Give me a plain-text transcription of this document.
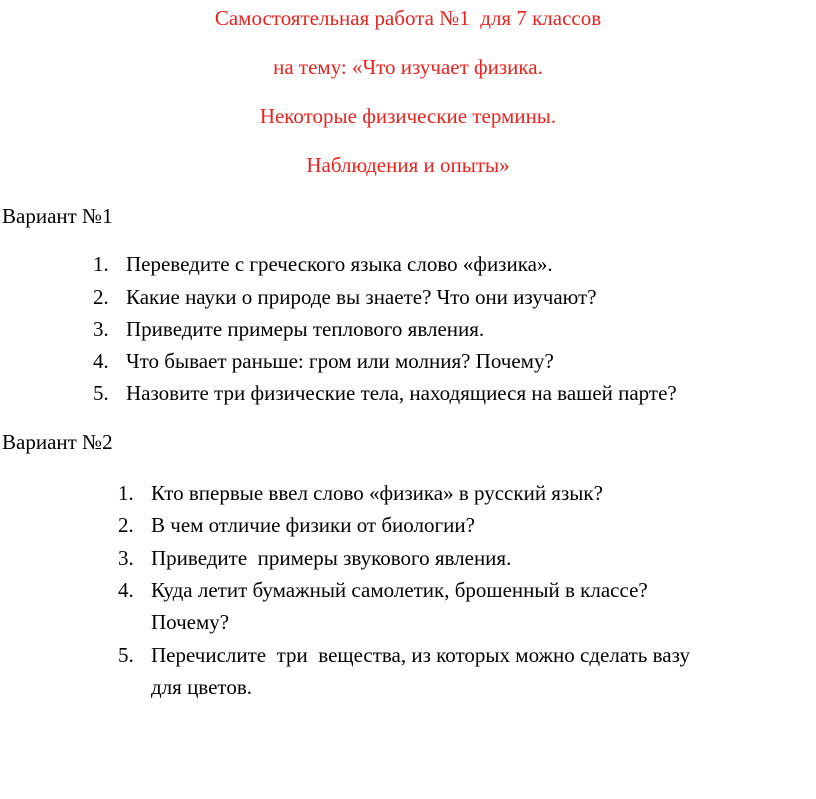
Самостоятельная работа №1  для 7 классов
на тему: «Что изучает физика.
Некоторые физические термины.
Наблюдения и опыты»
Вариант №1

1.

Переведите с греческого языка слово «физика».

2.

Какие науки о природе вы знаете? Что они изучают?

3.

Приведите примеры теплового явления.

4.

Что бывает раньше: гром или молния? Почему?

5.

Назовите три физические тела, находящиеся на вашей парте?

Вариант №2

1.

Кто впервые ввел слово «физика» в русский язык?

2.

В чем отличие физики от биологии?

3.

Приведите  примеры звукового явления.

4.

Куда летит бумажный самолетик, брошенный в классе?

Почему?

5.

Перечислите  три  вещества, из которых можно сделать вазу

для цветов.
